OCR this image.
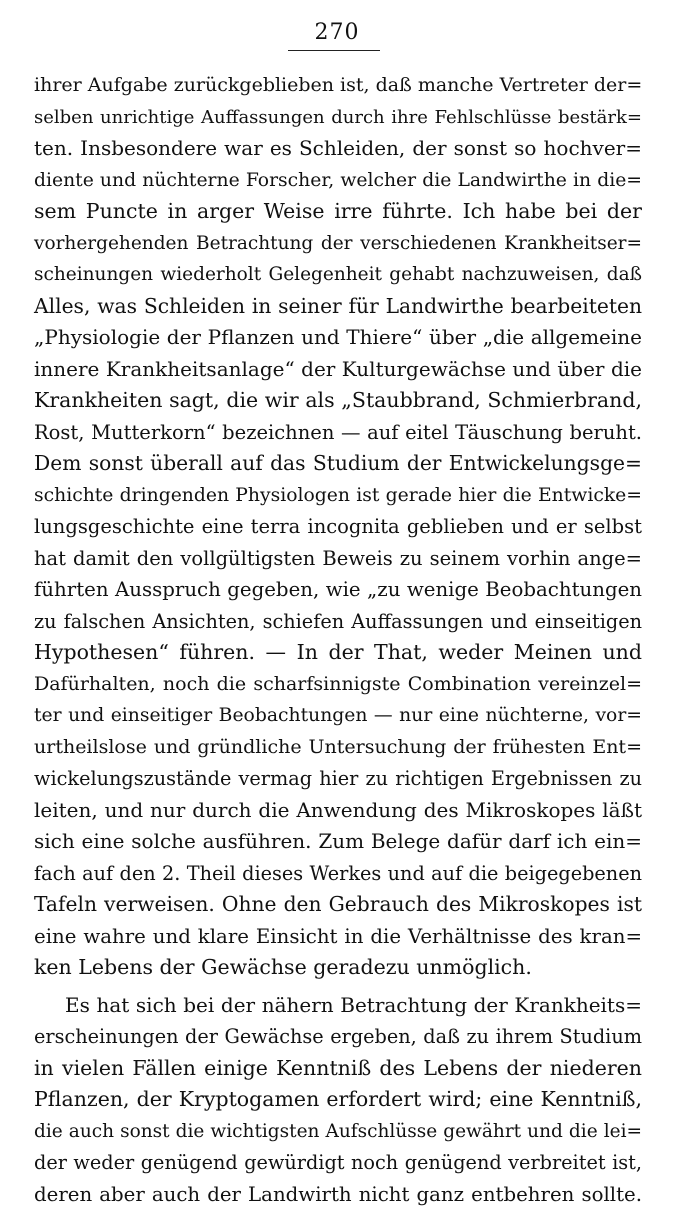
270
ihrer Aufgabe zurückgeblieben ist, daß manche Vertreter der=
selben unrichtige Auffassungen durch ihre Fehlschlüsse bestärk=
ten. Insbesondere war es Schleiden, der sonst so hochver=
diente und nüchterne Forscher, welcher die Landwirthe in die=
sem Puncte in arger Weise irre führte. Ich habe bei der
vorhergehenden Betrachtung der verschiedenen Krankheitser=
scheinungen wiederholt Gelegenheit gehabt nachzuweisen, daß
Alles, was Schleiden in seiner für Landwirthe bearbeiteten
„Physiologie der Pflanzen und Thiere“ über „die allgemeine
innere Krankheitsanlage“ der Kulturgewächse und über die
Krankheiten sagt, die wir als „Staubbrand, Schmierbrand,
Rost, Mutterkorn“ bezeichnen — auf eitel Täuschung beruht.
Dem sonst überall auf das Studium der Entwickelungsge=
schichte dringenden Physiologen ist gerade hier die Entwicke=
lungsgeschichte eine terra incognita geblieben und er selbst
hat damit den vollgültigsten Beweis zu seinem vorhin ange=
führten Ausspruch gegeben, wie „zu wenige Beobachtungen
zu falschen Ansichten, schiefen Auffassungen und einseitigen
Hypothesen“ führen. — In der That, weder Meinen und
Dafürhalten, noch die scharfsinnigste Combination vereinzel=
ter und einseitiger Beobachtungen — nur eine nüchterne, vor=
urtheilslose und gründliche Untersuchung der frühesten Ent=
wickelungszustände vermag hier zu richtigen Ergebnissen zu
leiten, und nur durch die Anwendung des Mikroskopes läßt
sich eine solche ausführen. Zum Belege dafür darf ich ein=
fach auf den 2. Theil dieses Werkes und auf die beigegebenen
Tafeln verweisen. Ohne den Gebrauch des Mikroskopes ist
eine wahre und klare Einsicht in die Verhältnisse des kran=
ken Lebens der Gewächse geradezu unmöglich.
Es hat sich bei der nähern Betrachtung der Krankheits=
erscheinungen der Gewächse ergeben, daß zu ihrem Studium
in vielen Fällen einige Kenntniß des Lebens der niederen
Pflanzen, der Kryptogamen erfordert wird; eine Kenntniß,
die auch sonst die wichtigsten Aufschlüsse gewährt und die lei=
der weder genügend gewürdigt noch genügend verbreitet ist,
deren aber auch der Landwirth nicht ganz entbehren sollte.
